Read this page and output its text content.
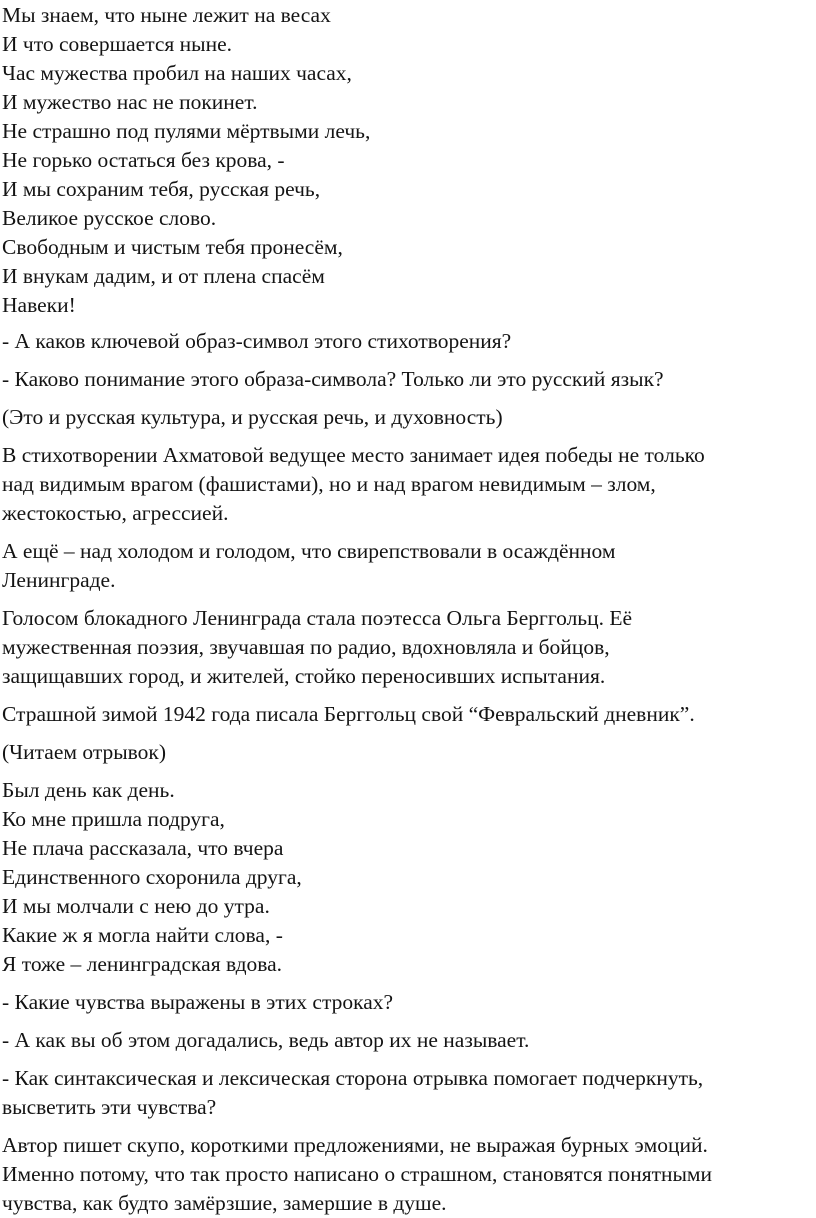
Мы знаем, что ныне лежит на весах
И что совершается ныне.
Час мужества пробил на наших часах,
И мужество нас не покинет.
Не страшно под пулями мёртвыми лечь,
Не горько остаться без крова, -
И мы сохраним тебя, русская речь,
Великое русское слово.
Свободным и чистым тебя пронесём,
И внукам дадим, и от плена спасём
Навеки!

- А каков ключевой образ-символ этого стихотворения?

- Каково понимание этого образа-символа? Только ли это русский язык?

(Это и русская культура, и русская речь, и духовность)

В стихотворении Ахматовой ведущее место занимает идея победы не только
над видимым врагом (фашистами), но и над врагом невидимым – злом,
жестокостью, агрессией.
А ещё – над холодом и голодом, что свирепствовали в осаждённом
Ленинграде.
Голосом блокадного Ленинграда стала поэтесса Ольга Берггольц. Её
мужественная поэзия, звучавшая по радио, вдохновляла и бойцов,
защищавших город, и жителей, стойко переносивших испытания.

Страшной зимой 1942 года писала Берггольц свой “Февральский дневник”.

(Читаем отрывок)

Был день как день.
Ко мне пришла подруга,
Не плача рассказала, что вчера
Единственного схоронила друга,
И мы молчали с нею до утра.
Какие ж я могла найти слова, -
Я тоже – ленинградская вдова.

- Какие чувства выражены в этих строках?

- А как вы об этом догадались, ведь автор их не называет.

- Как синтаксическая и лексическая сторона отрывка помогает подчеркнуть,
высветить эти чувства?
Автор пишет скупо, короткими предложениями, не выражая бурных эмоций.
Именно потому, что так просто написано о страшном, становятся понятными
чувства, как будто замёрзшие, замершие в душе.
